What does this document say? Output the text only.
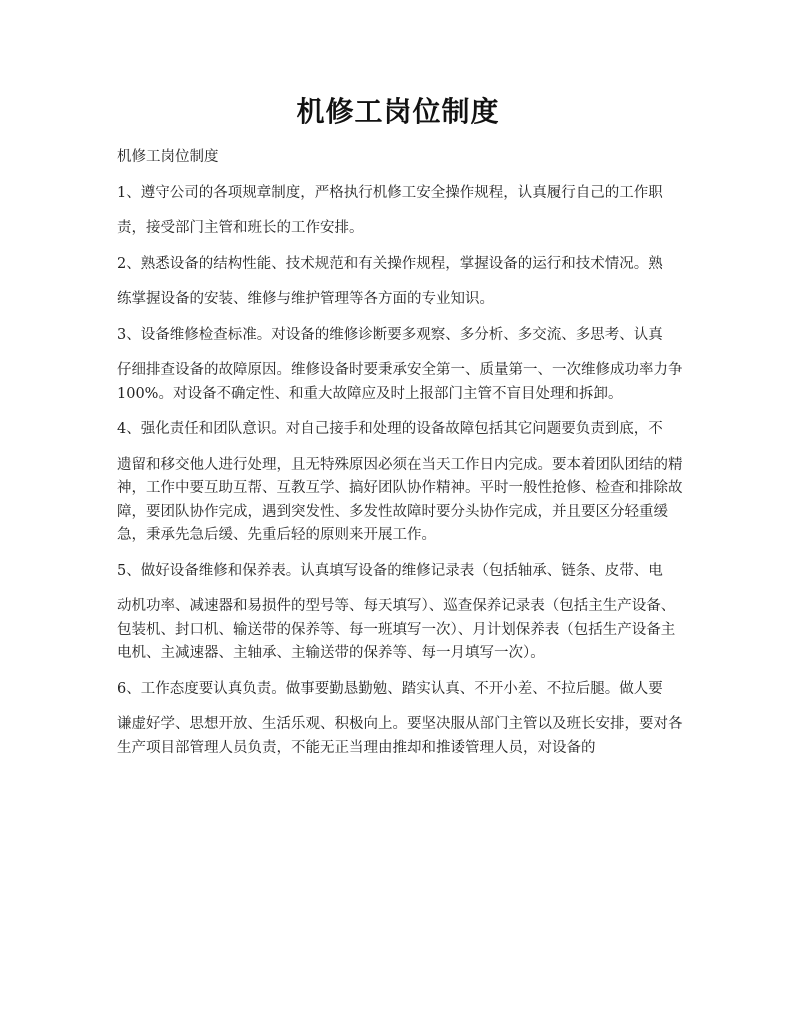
机修工岗位制度

机修工岗位制度

1、遵守公司的各项规章制度，严格执行机修工安全操作规程，认真履行自己的工作职

责，接受部门主管和班长的工作安排。

2、熟悉设备的结构性能、技术规范和有关操作规程，掌握设备的运行和技术情况。熟

练掌握设备的安装、维修与维护管理等各方面的专业知识。

3、设备维修检查标准。对设备的维修诊断要多观察、多分析、多交流、多思考、认真

仔细排查设备的故障原因。维修设备时要秉承安全第一、质量第一、一次维修成功率力争100%。对设备不确定性、和重大故障应及时上报部门主管不盲目处理和拆卸。

4、强化责任和团队意识。对自己接手和处理的设备故障包括其它问题要负责到底，不

遗留和移交他人进行处理，且无特殊原因必须在当天工作日内完成。要本着团队团结的精神，工作中要互助互帮、互教互学、搞好团队协作精神。平时一般性抢修、检查和排除故障，要团队协作完成，遇到突发性、多发性故障时要分头协作完成，并且要区分轻重缓急，秉承先急后缓、先重后轻的原则来开展工作。

5、做好设备维修和保养表。认真填写设备的维修记录表（包括轴承、链条、皮带、电

动机功率、减速器和易损件的型号等、每天填写）、巡查保养记录表（包括主生产设备、包装机、封口机、输送带的保养等、每一班填写一次）、月计划保养表（包括生产设备主电机、主减速器、主轴承、主输送带的保养等、每一月填写一次）。

6、工作态度要认真负责。做事要勤恳勤勉、踏实认真、不开小差、不拉后腿。做人要

谦虚好学、思想开放、生活乐观、积极向上。要坚决服从部门主管以及班长安排，要对各生产项目部管理人员负责，不能无正当理由推却和推诿管理人员，对设备的
